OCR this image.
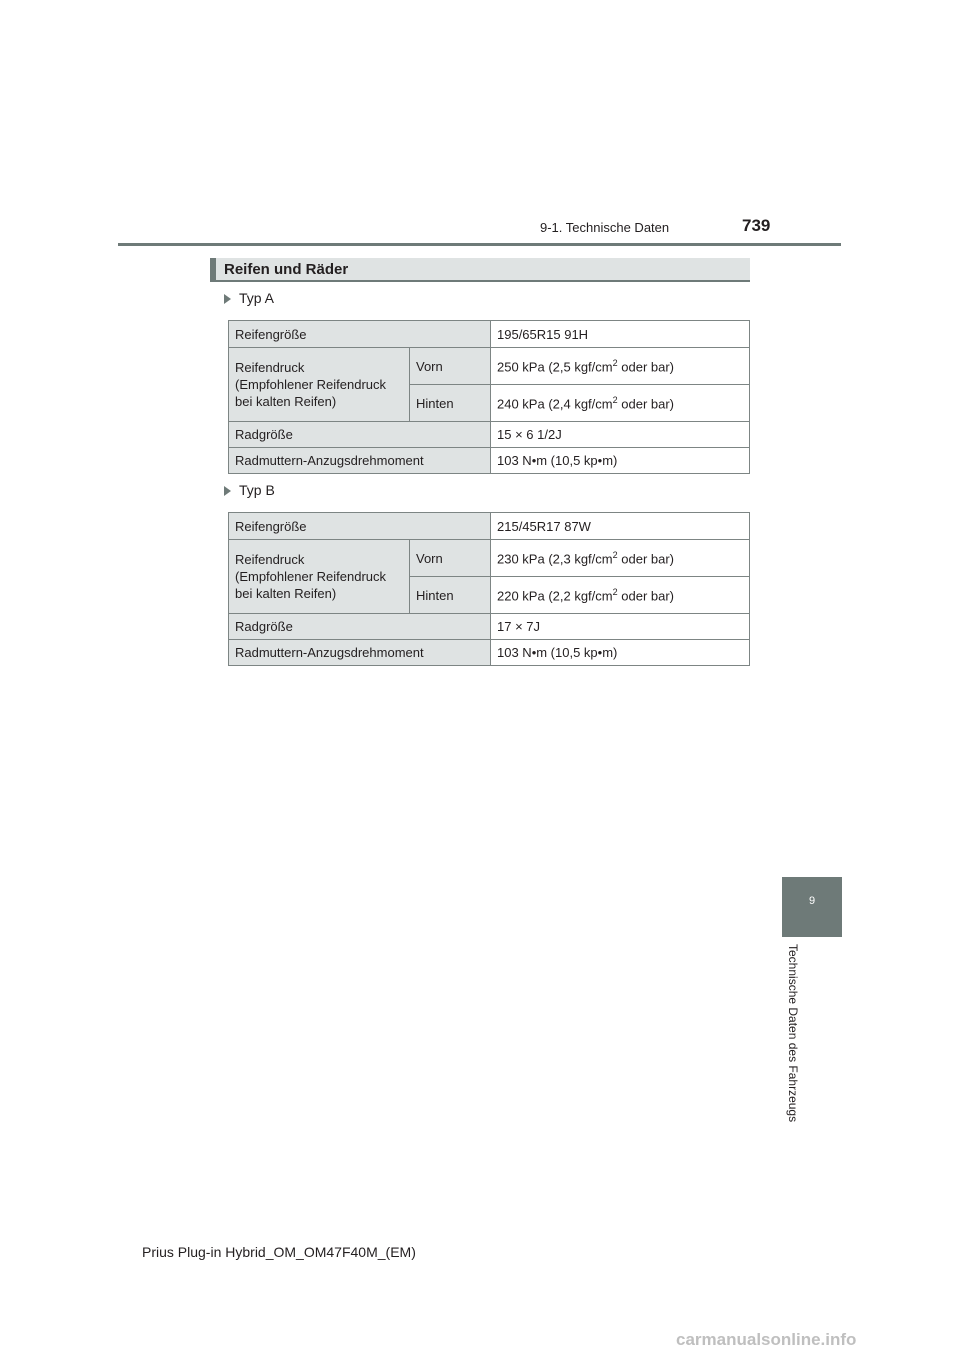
9-1. Technische Daten	739
Reifen und Räder
Typ A
Reifengröße		195/65R15 91H
Reifendruck
(Empfohlener Reifendruck
bei kalten Reifen)	Vorn	250 kPa (2,5 kgf/$cm^2$ oder bar)
	Hinten	240 kPa (2,4 kgf/$cm^2$ oder bar)
Radgröße		15 × 6 1/2J
Radmuttern-Anzugsdrehmoment		103 N•m (10,5 kp•m)
Typ B
Reifengröße		215/45R17 87W
Reifendruck
(Empfohlener Reifendruck
bei kalten Reifen)	Vorn	230 kPa (2,3 kgf/$cm^2$ oder bar)
	Hinten	220 kPa (2,2 kgf/$cm^2$ oder bar)
Radgröße		17 × 7J
Radmuttern-Anzugsdrehmoment		103 N•m (10,5 kp•m)
9
Technische Daten des Fahrzeugs
Prius Plug-in Hybrid_OM_OM47F40M_(EM)
carmanualsonline.info
